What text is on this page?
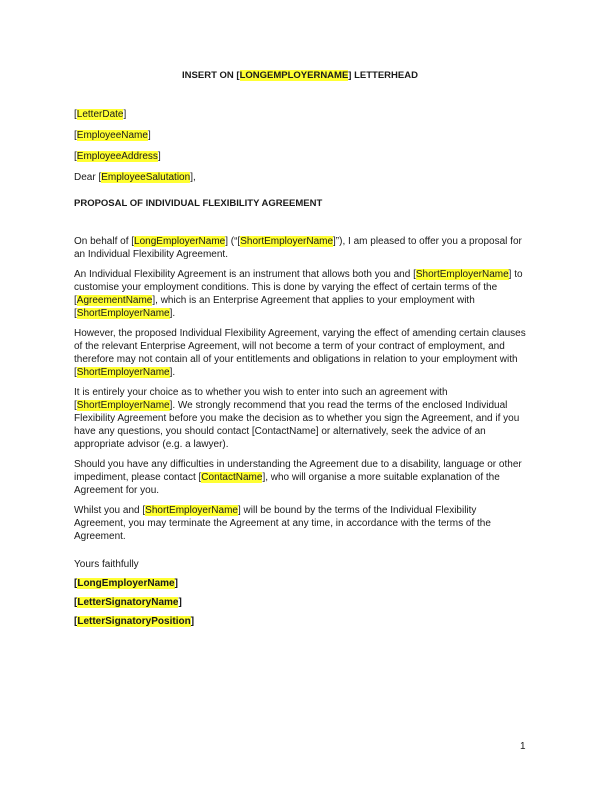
INSERT ON [LONGEMPLOYERNAME] LETTERHEAD
[LetterDate]
[EmployeeName]
[EmployeeAddress]
Dear [EmployeeSalutation],
PROPOSAL OF INDIVIDUAL FLEXIBILITY AGREEMENT

On behalf of [LongEmployerName] (“[ShortEmployerName]”), I am pleased to offer you a proposal for an Individual Flexibility Agreement.

An Individual Flexibility Agreement is an instrument that allows both you and [ShortEmployerName] to customise your employment conditions. This is done by varying the effect of certain terms of the [AgreementName], which is an Enterprise Agreement that applies to your employment with [ShortEmployerName].

However, the proposed Individual Flexibility Agreement, varying the effect of amending certain clauses of the relevant Enterprise Agreement, will not become a term of your contract of employment, and therefore may not contain all of your entitlements and obligations in relation to your employment with [ShortEmployerName].

It is entirely your choice as to whether you wish to enter into such an agreement with [ShortEmployerName]. We strongly recommend that you read the terms of the enclosed Individual Flexibility Agreement before you make the decision as to whether you sign the Agreement, and if you have any questions, you should contact [ContactName] or alternatively, seek the advice of an appropriate advisor (e.g. a lawyer).

Should you have any difficulties in understanding the Agreement due to a disability, language or other impediment, please contact [ContactName], who will organise a more suitable explanation of the Agreement for you.

Whilst you and [ShortEmployerName] will be bound by the terms of the Individual Flexibility Agreement, you may terminate the Agreement at any time, in accordance with the terms of the Agreement.

Yours faithfully
[LongEmployerName]
[LetterSignatoryName]
[LetterSignatoryPosition]
1
